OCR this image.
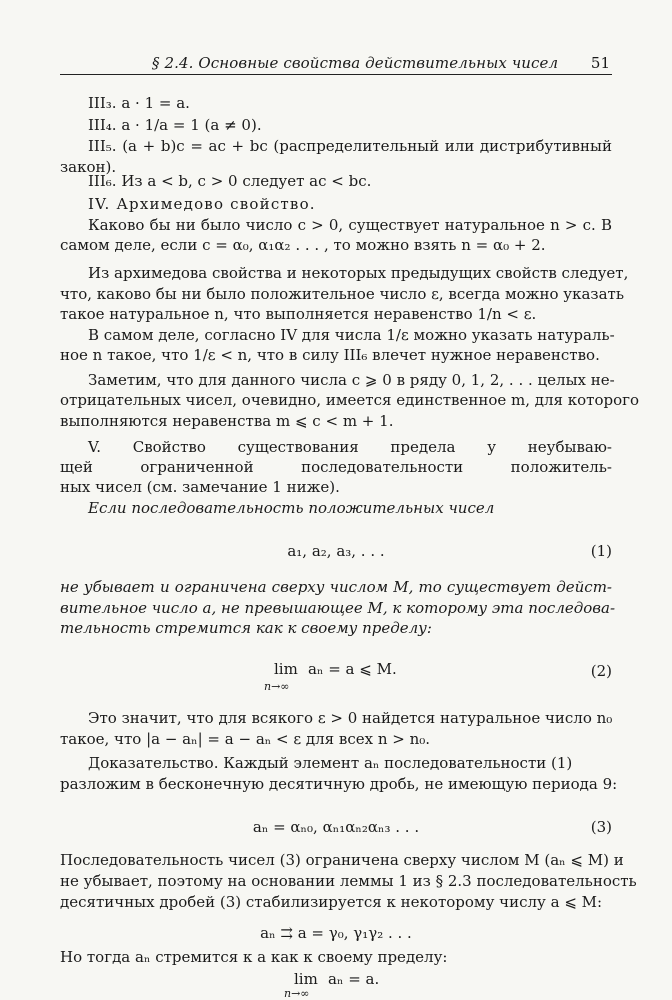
§ 2.4. Основные свойства действительных чисел 51
III₃. a · 1 = a.
III₄. a · 1/a = 1 (a ≠ 0).
III₅. (a + b)c = ac + bc (распределительный или дистрибутивный
закон).
III₆. Из a < b, c > 0 следует ac < bc.
IV. Архимедово свойство.
Каково бы ни было число c > 0, существует натуральное n > c. В
самом деле, если c = α₀, α₁α₂ . . . , то можно взять n = α₀ + 2.
Из архимедова свойства и некоторых предыдущих свойств следует,
что, каково бы ни было положительное число ε, всегда можно указать
такое натуральное n, что выполняется неравенство 1/n < ε.
В самом деле, согласно IV для числа 1/ε можно указать натураль-
ное n такое, что 1/ε < n, что в силу III₆ влечет нужное неравенство.
Заметим, что для данного числа c ⩾ 0 в ряду 0, 1, 2, . . . целых не-
отрицательных чисел, очевидно, имеется единственное m, для которого
выполняются неравенства m ⩽ c < m + 1.
V. Свойство существования предела у неубываю-
щей ограниченной последовательности положитель-
ных чисел (см. замечание 1 ниже).
Если последовательность положительных чисел
a₁, a₂, a₃, . . .	(1)
не убывает и ограничена сверху числом M, то существует дейст-
вительное число a, не превышающее M, к которому эта последова-
тельность стремится как к своему пределу:
lim
n→∞
aₙ = a ⩽ M.	(2)
Это значит, что для всякого ε > 0 найдется натуральное число n₀
такое, что |a − aₙ| = a − aₙ < ε для всех n > n₀.
Доказательство. Каждый элемент aₙ последовательности (1)
разложим в бесконечную десятичную дробь, не имеющую периода 9:
aₙ = αₙ₀, αₙ₁αₙ₂αₙ₃ . . .	(3)
Последовательность чисел (3) ограничена сверху числом M (aₙ ⩽ M) и
не убывает, поэтому на основании леммы 1 из § 2.3 последовательность
десятичных дробей (3) стабилизируется к некоторому числу a ⩽ M:
aₙ ⇉ a = γ₀, γ₁γ₂ . . .
Но тогда aₙ стремится к a как к своему пределу:
lim
n→∞
aₙ = a.
